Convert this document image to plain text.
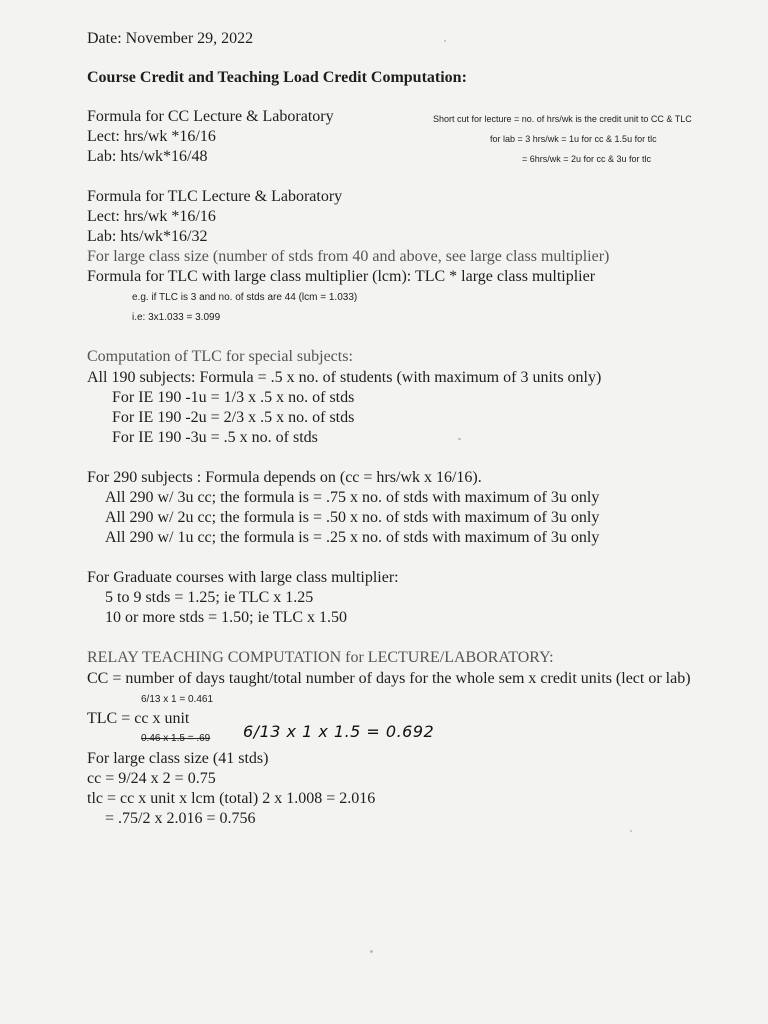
Date: November 29, 2022
Course Credit and Teaching Load Credit Computation:
Formula for CC Lecture & Laboratory
Lect: hrs/wk *16/16
Lab: hts/wk*16/48
Short cut for lecture = no. of hrs/wk is the credit unit to CC & TLC
for lab = 3 hrs/wk = 1u for cc & 1.5u for tlc
= 6hrs/wk = 2u for cc & 3u for tlc
Formula for TLC Lecture & Laboratory
Lect: hrs/wk *16/16
Lab: hts/wk*16/32
For large class size (number of stds from 40 and above, see large class multiplier)
Formula for TLC with large class multiplier (lcm): TLC * large class multiplier
e.g. if TLC is 3 and no. of stds are 44 (lcm = 1.033)
i.e: 3x1.033 = 3.099
Computation of TLC for special subjects:
All 190 subjects: Formula = .5 x no. of students (with maximum of 3 units only)
For IE 190 -1u = 1/3 x .5 x no. of stds
For IE 190 -2u = 2/3 x .5 x no. of stds
For IE 190 -3u = .5 x no. of stds
For 290 subjects : Formula depends on (cc = hrs/wk x 16/16).
All 290 w/ 3u cc; the formula is = .75 x no. of stds with maximum of 3u only
All 290 w/ 2u cc; the formula is = .50 x no. of stds with maximum of 3u only
All 290 w/ 1u cc; the formula is = .25 x no. of stds with maximum of 3u only
For Graduate courses with large class multiplier:
5 to 9 stds = 1.25; ie TLC x 1.25
10 or more stds = 1.50; ie TLC x 1.50
RELAY TEACHING COMPUTATION for LECTURE/LABORATORY:
CC = number of days taught/total number of days for the whole sem x credit units (lect or lab)
6/13 x 1 = 0.461
TLC = cc x unit
0.46 x 1.5 = .69 6/13 x 1 x 1.5 = 0.692
For large class size (41 stds)
cc = 9/24 x 2 = 0.75
tlc = cc x unit x lcm (total) 2 x 1.008 = 2.016
= .75/2 x 2.016 = 0.756
